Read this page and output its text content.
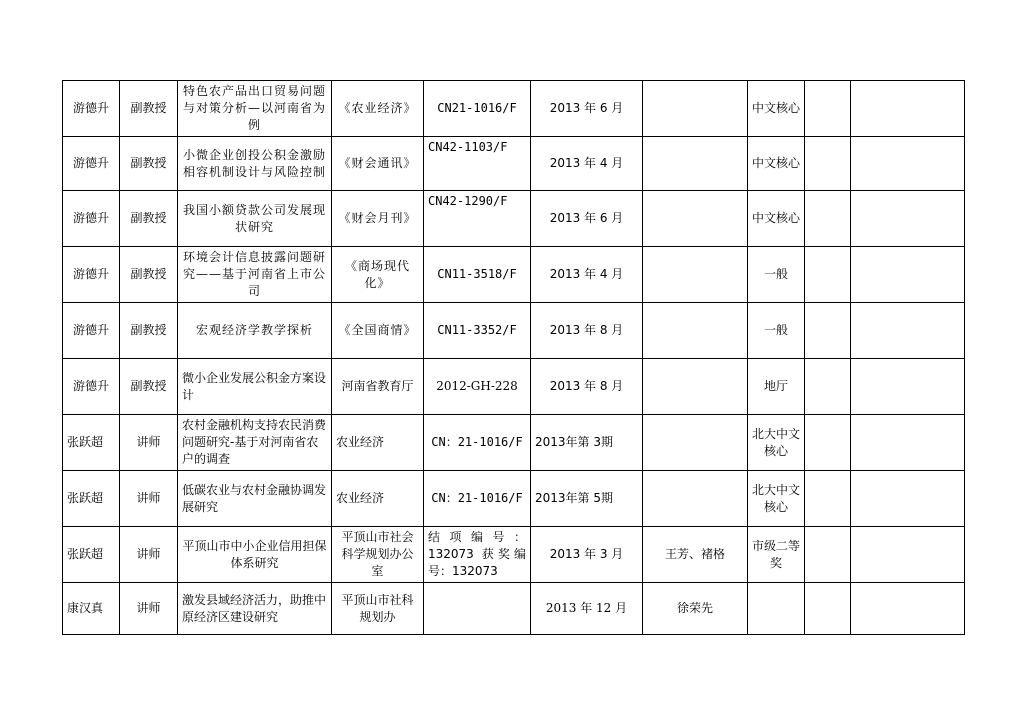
游德升	副教授	特色农产品出口贸易问题与对策分析—以河南省为例	《农业经济》	CN21-1016/F	2013 年 6 月		中文核心		
游德升	副教授	小微企业创投公积金激励相容机制设计与风险控制	《财会通讯》	CN42-1103/F	2013 年 4 月		中文核心		
游德升	副教授	我国小额贷款公司发展现状研究	《财会月刊》	CN42-1290/F	2013 年 6 月		中文核心		
游德升	副教授	环境会计信息披露问题研究——基于河南省上市公司	《商场现代化》	CN11-3518/F	2013 年 4 月		一般		
游德升	副教授	宏观经济学教学探析	《全国商情》	CN11-3352/F	2013 年 8 月		一般		
游德升	副教授	微小企业发展公积金方案设计	河南省教育厅	2012-GH-228	2013 年 8 月		地厅		
张跃超	讲师	农村金融机构支持农民消费问题研究-基于对河南省农户的调查	农业经济	CN：21-1016/F	2013年第 3期		北大中文核心		
张跃超	讲师	低碳农业与农村金融协调发展研究	农业经济	CN：21-1016/F	2013年第 5期		北大中文核心		
张跃超	讲师	平顶山市中小企业信用担保体系研究	平顶山市社会科学规划办公室	结项编号：132073 获奖编号：132073	2013 年 3 月	王芳、褚格	市级二等奖		
康汉真	讲师	激发县域经济活力，助推中原经济区建设研究	平顶山市社科规划办		2013 年 12 月	徐荣先			
